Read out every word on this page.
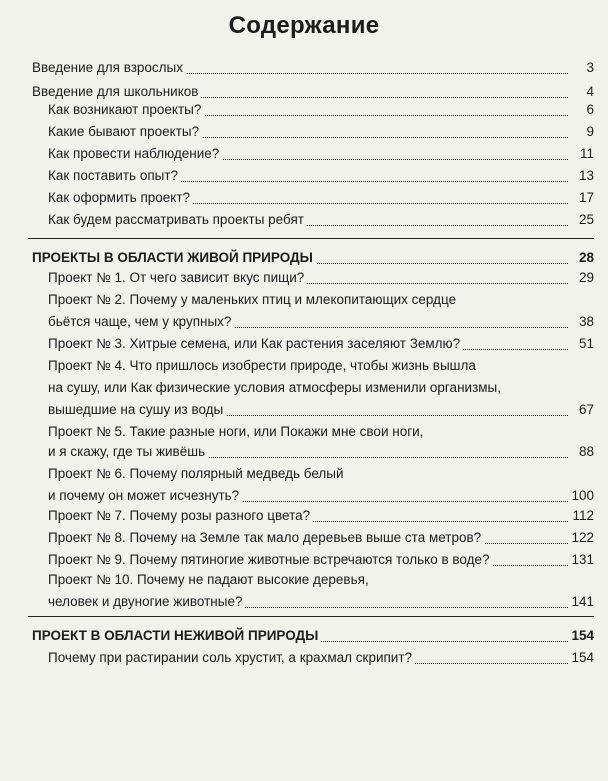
Содержание
Введение для взрослых	3
Введение для школьников	4
Как возникают проекты?	6
Какие бывают проекты?	9
Как провести наблюдение?	11
Как поставить опыт?	13
Как оформить проект?	17
Как будем рассматривать проекты ребят	25
ПРОЕКТЫ В ОБЛАСТИ ЖИВОЙ ПРИРОДЫ	28
Проект № 1. От чего зависит вкус пищи?	29
Проект № 2. Почему у маленьких птиц и млекопитающих сердце
бьётся чаще, чем у крупных?	38
Проект № 3. Хитрые семена, или Как растения заселяют Землю?	51
Проект № 4. Что пришлось изобрести природе, чтобы жизнь вышла
на сушу, или Как физические условия атмосферы изменили организмы,
вышедшие на сушу из воды	67
Проект № 5. Такие разные ноги, или Покажи мне свои ноги,
и я скажу, где ты живёшь	88
Проект № 6. Почему полярный медведь белый
и почему он может исчезнуть?	100
Проект № 7. Почему розы разного цвета?	112
Проект № 8. Почему на Земле так мало деревьев выше ста метров?	122
Проект № 9. Почему пятиногие животные встречаются только в воде?	131
Проект № 10. Почему не падают высокие деревья,
человек и двуногие животные?	141
ПРОЕКТ В ОБЛАСТИ НЕЖИВОЙ ПРИРОДЫ	154
Почему при растирании соль хрустит, а крахмал скрипит?	154
